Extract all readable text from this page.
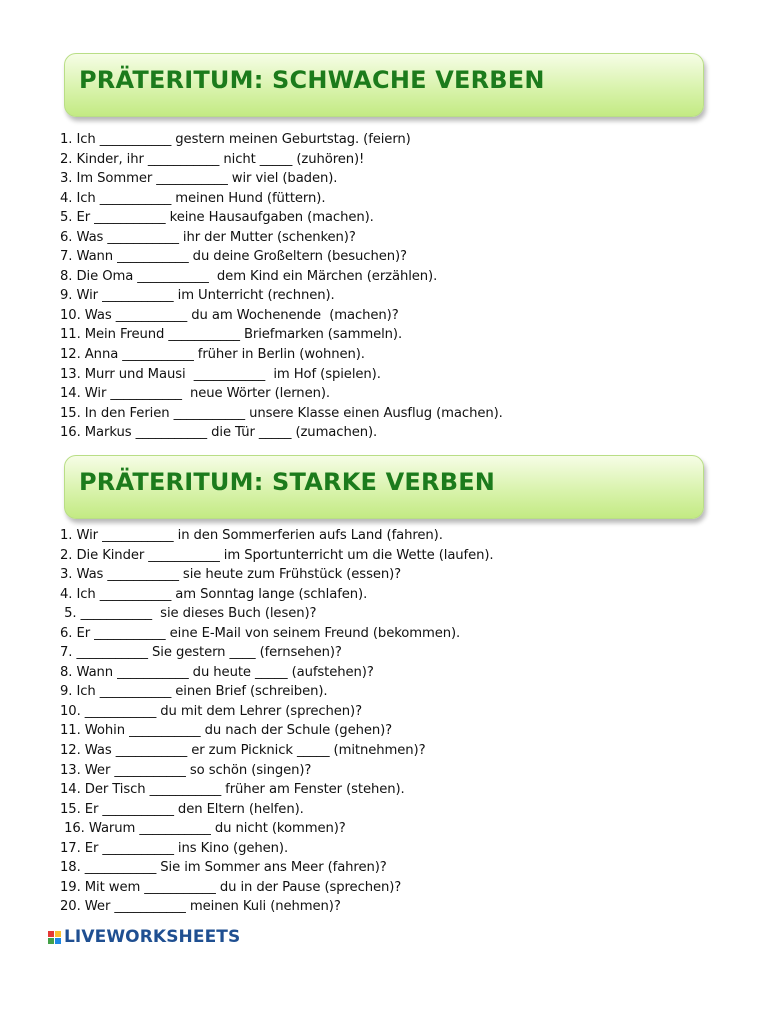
PRÄTERITUM: SCHWACHE VERBEN
1. Ich ___________ gestern meinen Geburtstag. (feiern)
2. Kinder, ihr ___________ nicht _____ (zuhören)!
3. Im Sommer ___________ wir viel (baden).
4. Ich ___________ meinen Hund (füttern).
5. Er ___________ keine Hausaufgaben (machen).
6. Was ___________ ihr der Mutter (schenken)?
7. Wann ___________ du deine Großeltern (besuchen)?
8. Die Oma ___________  dem Kind ein Märchen (erzählen).
9. Wir ___________ im Unterricht (rechnen).
10. Was ___________ du am Wochenende  (machen)?
11. Mein Freund ___________ Briefmarken (sammeln).
12. Anna ___________ früher in Berlin (wohnen).
13. Murr und Mausi  ___________  im Hof (spielen).
14. Wir ___________  neue Wörter (lernen).
15. In den Ferien ___________ unsere Klasse einen Ausflug (machen).
16. Markus ___________ die Tür _____ (zumachen).
PRÄTERITUM: STARKE VERBEN
1. Wir ___________ in den Sommerferien aufs Land (fahren).
2. Die Kinder ___________ im Sportunterricht um die Wette (laufen).
3. Was ___________ sie heute zum Frühstück (essen)?
4. Ich ___________ am Sonntag lange (schlafen).
5. ___________  sie dieses Buch (lesen)?
6. Er ___________ eine E-Mail von seinem Freund (bekommen).
7. ___________ Sie gestern ____ (fernsehen)?
8. Wann ___________ du heute _____ (aufstehen)?
9. Ich ___________ einen Brief (schreiben).
10. ___________ du mit dem Lehrer (sprechen)?
11. Wohin ___________ du nach der Schule (gehen)?
12. Was ___________ er zum Picknick _____ (mitnehmen)?
13. Wer ___________ so schön (singen)?
14. Der Tisch ___________ früher am Fenster (stehen).
15. Er ___________ den Eltern (helfen).
16. Warum ___________ du nicht (kommen)?
17. Er ___________ ins Kino (gehen).
18. ___________ Sie im Sommer ans Meer (fahren)?
19. Mit wem ___________ du in der Pause (sprechen)?
20. Wer ___________ meinen Kuli (nehmen)?
LIVEWORKSHEETS
